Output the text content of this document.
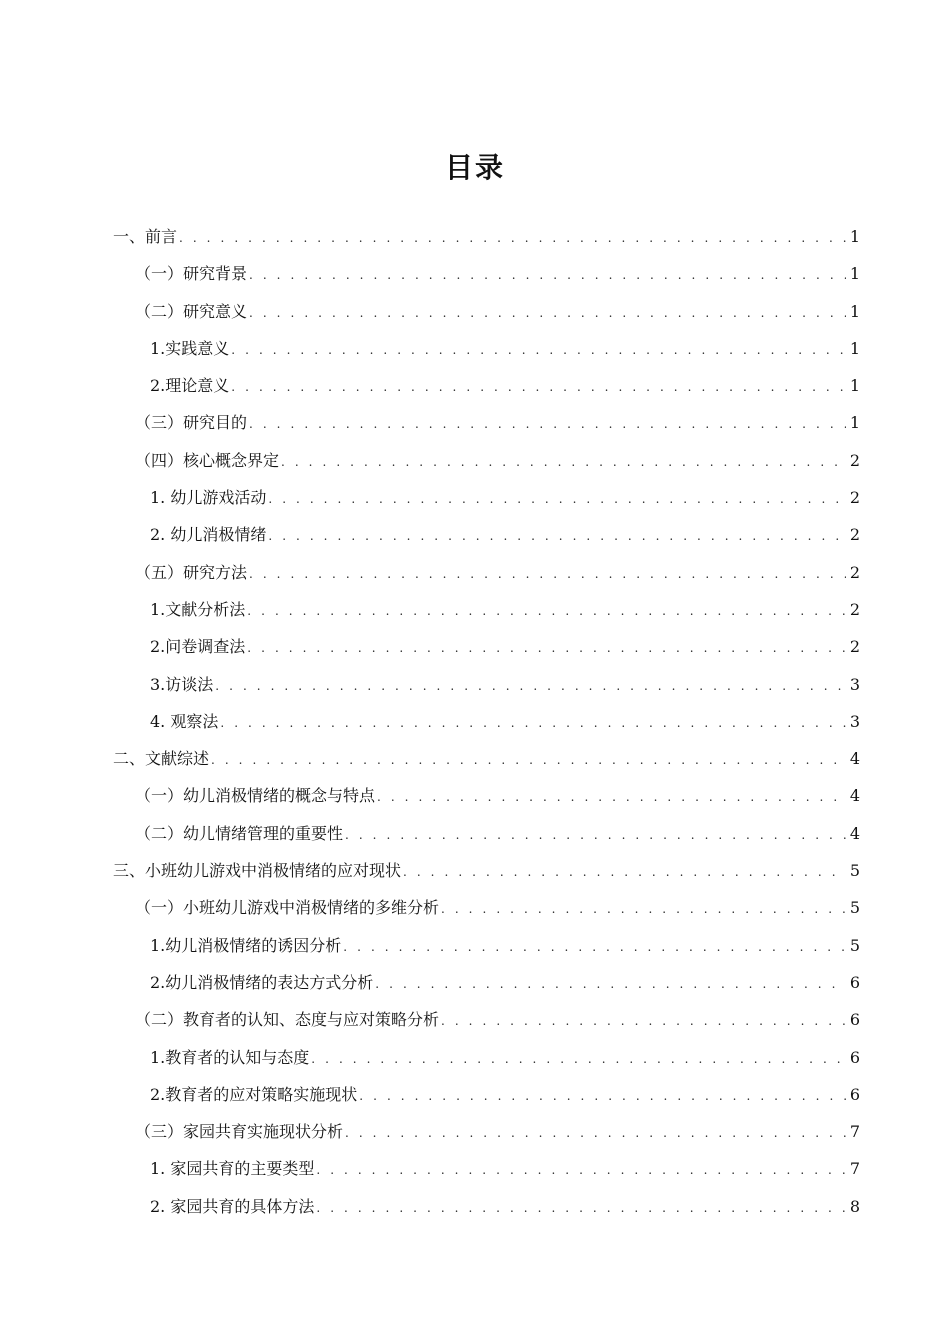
目录
一、前言 . . .	1
（一）研究背景 . . .	1
（二）研究意义 . . .	1
1.实践意义 . . .	1
2.理论意义 . . .	1
（三）研究目的 . . .	1
（四）核心概念界定 . . .	2
1. 幼儿游戏活动 . . .	2
2. 幼儿消极情绪 . . .	2
（五）研究方法 . . .	2
1.文献分析法 . . .	2
2.问卷调查法 . . .	2
3.访谈法 . . .	3
4. 观察法 . . .	3
二、文献综述 . . .	4
（一）幼儿消极情绪的概念与特点 . . .	4
（二）幼儿情绪管理的重要性 . . .	4
三、小班幼儿游戏中消极情绪的应对现状 . . .	5
（一）小班幼儿游戏中消极情绪的多维分析 . . .	5
1.幼儿消极情绪的诱因分析 . . .	5
2.幼儿消极情绪的表达方式分析 . . .	6
（二）教育者的认知、态度与应对策略分析 . . .	6
1.教育者的认知与态度 . . .	6
2.教育者的应对策略实施现状 . . .	6
（三）家园共育实施现状分析 . . .	7
1. 家园共育的主要类型 . . .	7
2. 家园共育的具体方法 . . .	8
